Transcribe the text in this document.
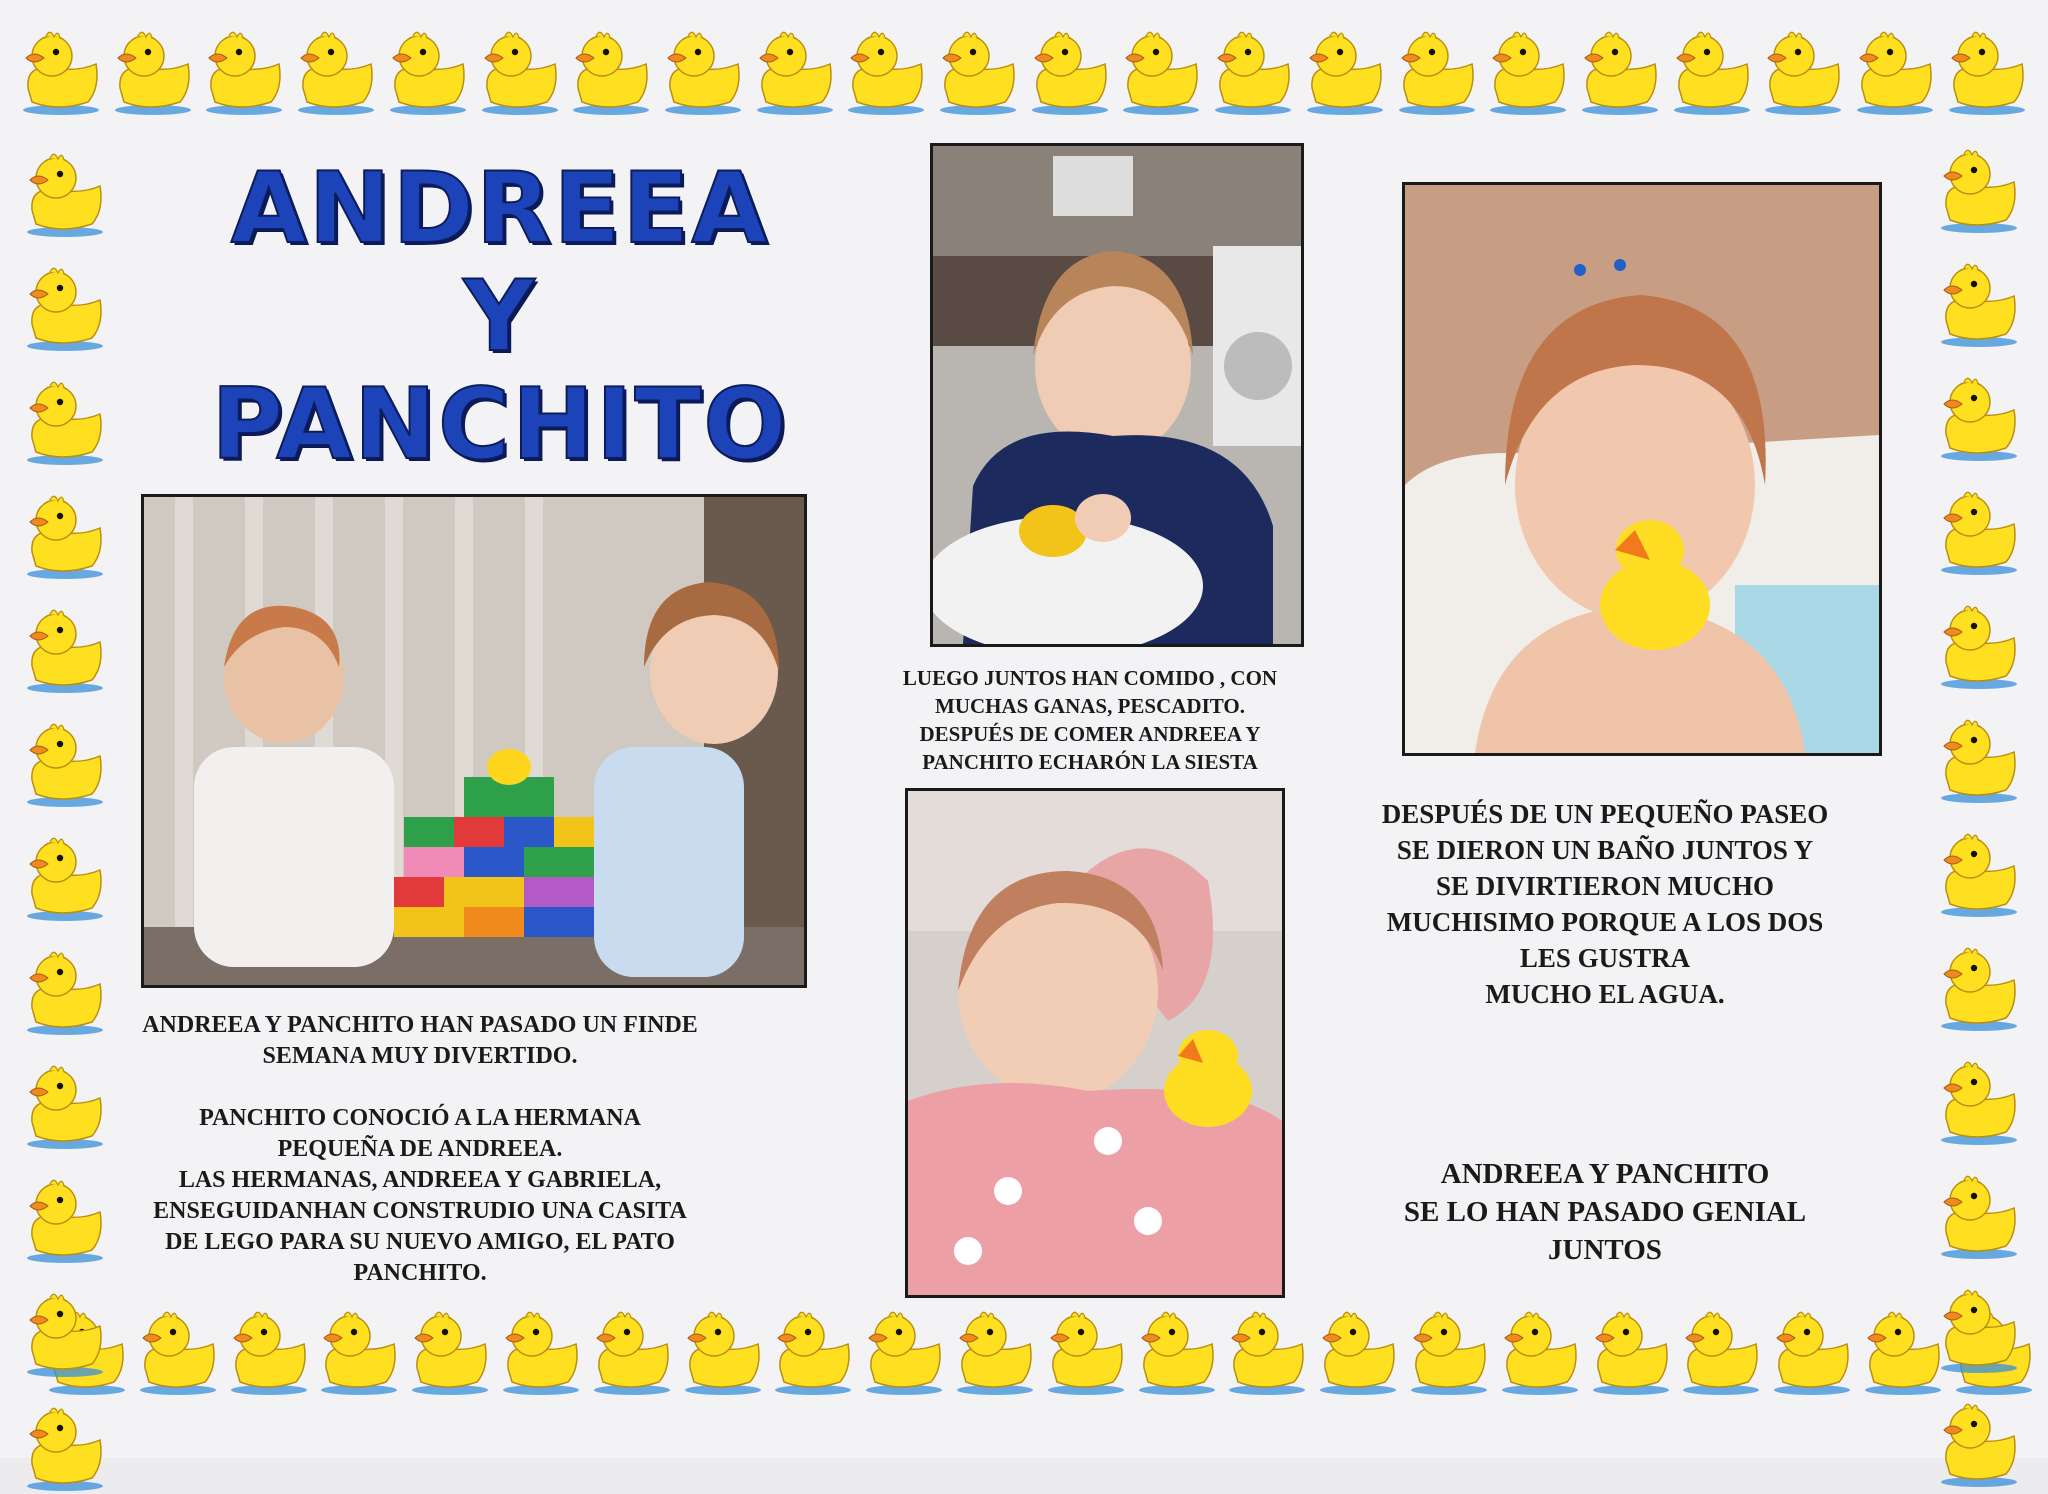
ANDREEA
Y
PANCHITO
ANDREEA Y PANCHITO HAN PASADO UN FINDE
SEMANA MUY DIVERTIDO.

PANCHITO CONOCIÓ A LA HERMANA
PEQUEÑA DE ANDREEA.
LAS HERMANAS, ANDREEA Y GABRIELA,
ENSEGUIDANHAN CONSTRUDIO UNA CASITA
DE LEGO PARA SU NUEVO AMIGO, EL PATO
PANCHITO.
LUEGO JUNTOS HAN COMIDO , CON
MUCHAS GANAS, PESCADITO.
DESPUÉS DE COMER ANDREEA Y
PANCHITO ECHARÓN LA SIESTA
DESPUÉS DE UN PEQUEÑO PASEO
SE DIERON UN BAÑO JUNTOS Y
SE DIVIRTIERON MUCHO
MUCHISIMO PORQUE A LOS DOS
LES GUSTRA
MUCHO EL AGUA.
ANDREEA Y PANCHITO
SE LO HAN PASADO GENIAL
JUNTOS
